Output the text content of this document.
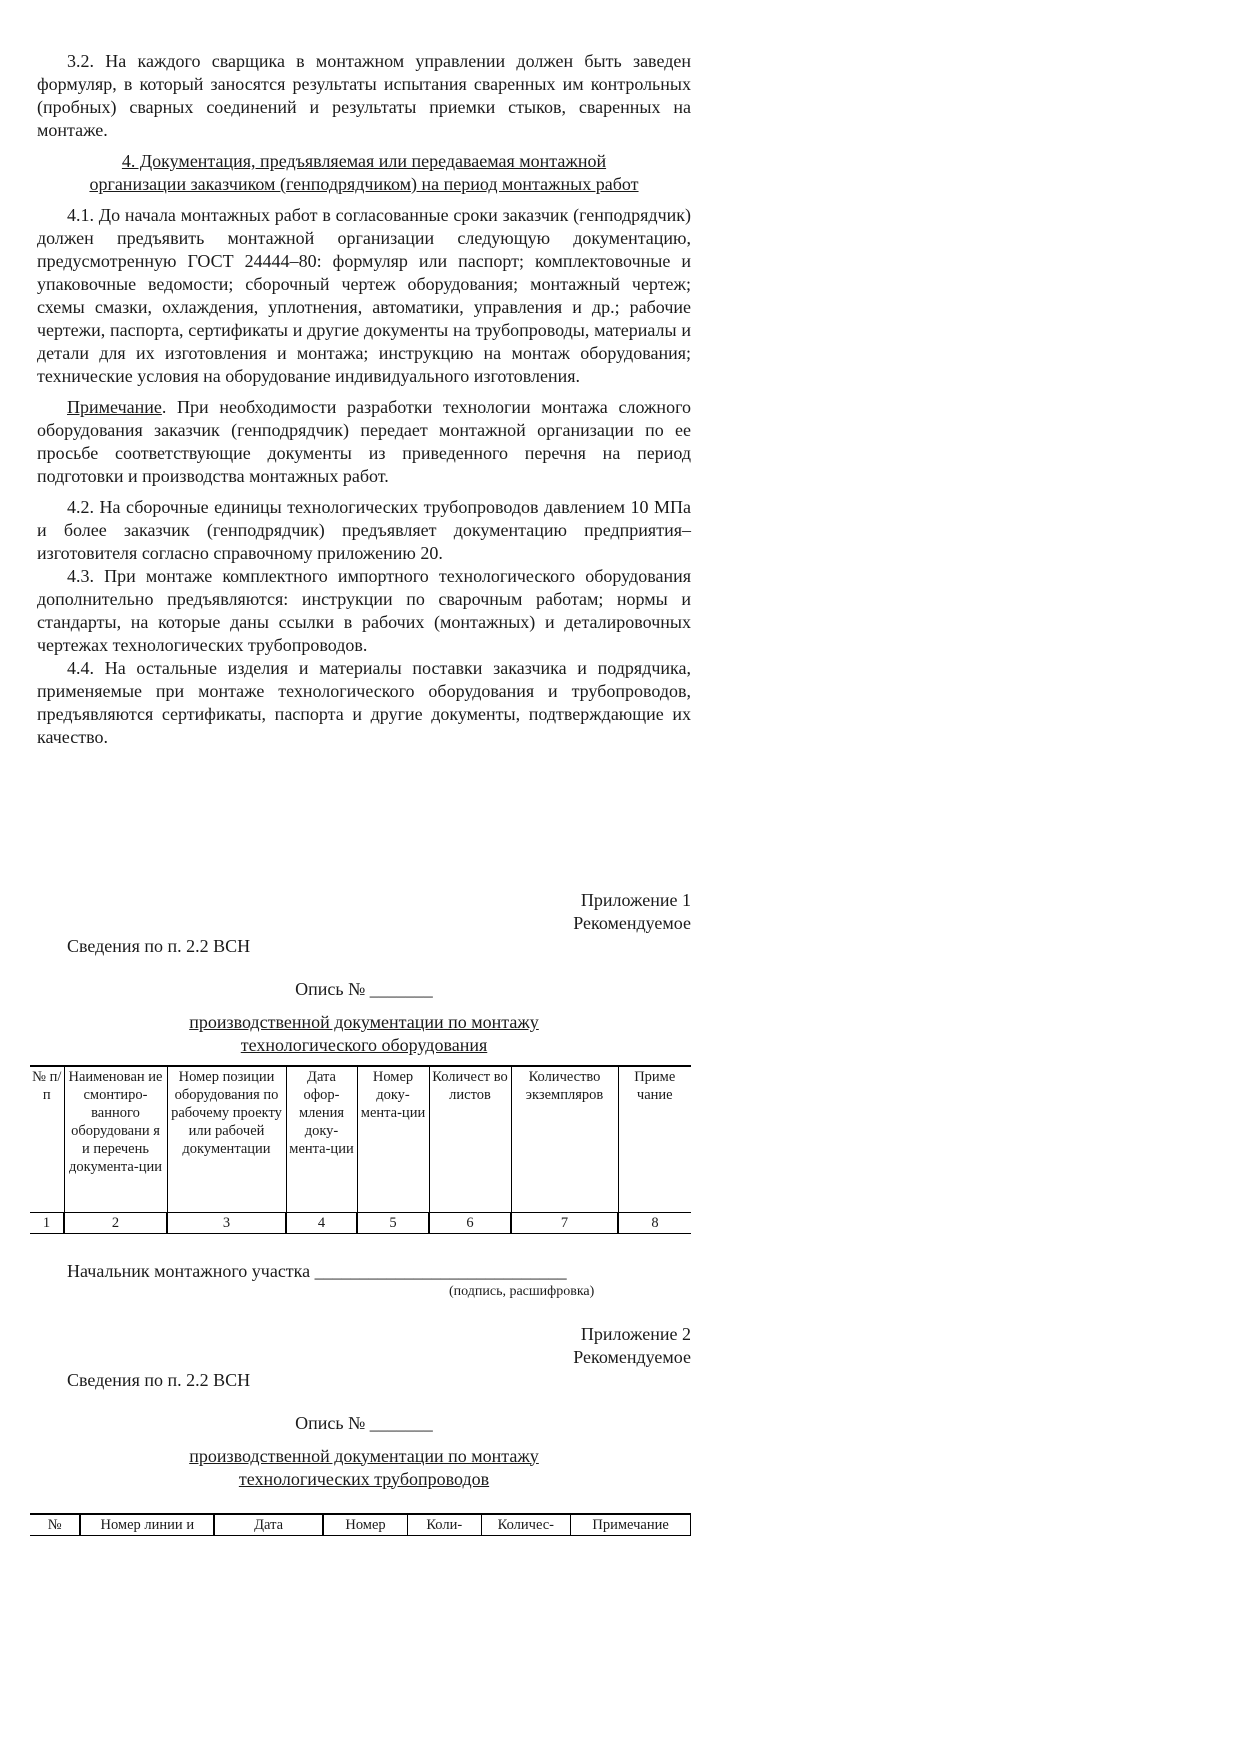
3.2. На каждого сварщика в монтажном управлении должен быть заведен формуляр, в который заносятся результаты испытания сваренных им контрольных (пробных) сварных соединений и результаты приемки стыков, сваренных на монтаже.

4. Документация, предъявляемая или передаваемая монтажной
организации заказчиком (генподрядчиком) на период монтажных работ

4.1. До начала монтажных работ в согласованные сроки заказчик (генподрядчик) должен предъявить монтажной организации следующую документацию, предусмотренную ГОСТ 24444–80: формуляр или паспорт; комплектовочные и упаковочные ведомости; сборочный чертеж оборудования; монтажный чертеж; схемы смазки, охлаждения, уплотнения, автоматики, управления и др.; рабочие чертежи, паспорта, сертификаты и другие документы на трубопроводы, материалы и детали для их изготовления и монтажа; инструкцию на монтаж оборудования; технические условия на оборудование индивидуального изготовления.

Примечание. При необходимости разработки технологии монтажа сложного оборудования заказчик (генподрядчик) передает монтажной организации по ее просьбе соответствующие документы из приведенного перечня на период подготовки и производства монтажных работ.

4.2. На сборочные единицы технологических трубопроводов давлением 10 МПа и более заказчик (генподрядчик) предъявляет документацию предприятия–изготовителя согласно справочному приложению 20.

4.3. При монтаже комплектного импортного технологического оборудования дополнительно предъявляются: инструкции по сварочным работам; нормы и стандарты, на которые даны ссылки в рабочих (монтажных) и деталировочных чертежах технологических трубопроводов.

4.4. На остальные изделия и материалы поставки заказчика и подрядчика, применяемые при монтаже технологического оборудования и трубопроводов, предъявляются сертификаты, паспорта и другие документы, подтверждающие их качество.

Приложение 1
Рекомендуемое

Сведения по п. 2.2 ВСН

Опись № _______
производственной документации по монтажу
технологического оборудования
№ п/п	Наименован ие смонтиро-ванного оборудовани я и перечень документа-ции	Номер позиции оборудования по рабочему проекту или рабочей документации	Дата офор-мления доку-мента-ции	Номер доку-мента-ции	Количест во листов	Количество экземпляров	Приме чание
1	2	3	4	5	6	7	8

Начальник монтажного участка ____________________________

(подпись, расшифровка)
Приложение 2
Рекомендуемое

Сведения по п. 2.2 ВСН

Опись № _______
производственной документации по монтажу
технологических трубопроводов
№	Номер линии и	Дата	Номер	Коли-	Количес-	Примечание
